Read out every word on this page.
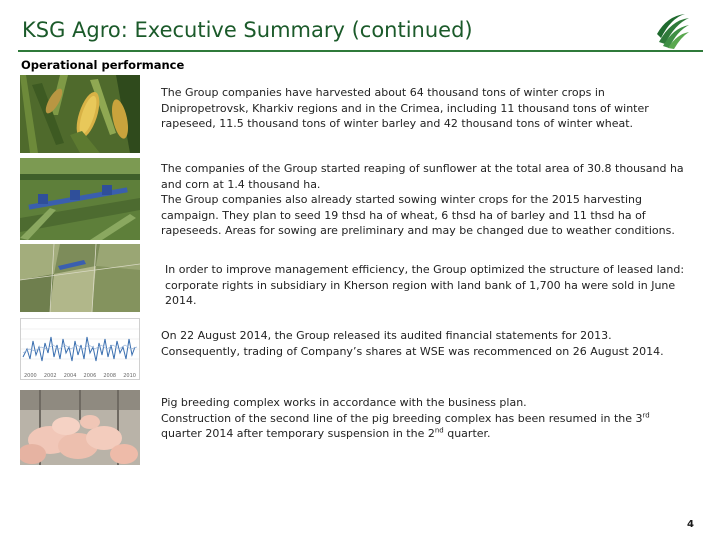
KSG Agro: Executive Summary (continued)
Operational performance
2000 2002 2004 2006 2008 2010

The Group companies have harvested about 64 thousand tons of winter crops in Dnipropetrovsk, Kharkiv regions and in the Crimea, including 11 thousand tons of winter rapeseed, 11.5 thousand tons of winter barley and 42 thousand tons of winter wheat.

The companies of the Group started reaping of sunflower at the total area of 30.8 thousand ha and corn at 1.4 thousand ha.

The Group companies also already started sowing winter crops for the 2015 harvesting campaign. They plan to seed 19 thsd ha of wheat, 6 thsd ha of barley and 11 thsd ha of rapeseeds. Areas for sowing are preliminary and may be changed due to weather conditions.

In order to improve management efficiency, the Group optimized the structure of leased land: corporate rights in subsidiary in Kherson region with land bank of 1,700 ha were sold in June 2014.

On 22 August 2014, the Group released its audited financial statements for 2013. Consequently, trading of Company’s shares at WSE was recommenced on 26 August 2014.

Pig breeding complex works in accordance with the business plan.

Construction of the second line of the pig breeding complex has been resumed in the 3rd quarter 2014 after temporary suspension in the 2nd quarter.

4
